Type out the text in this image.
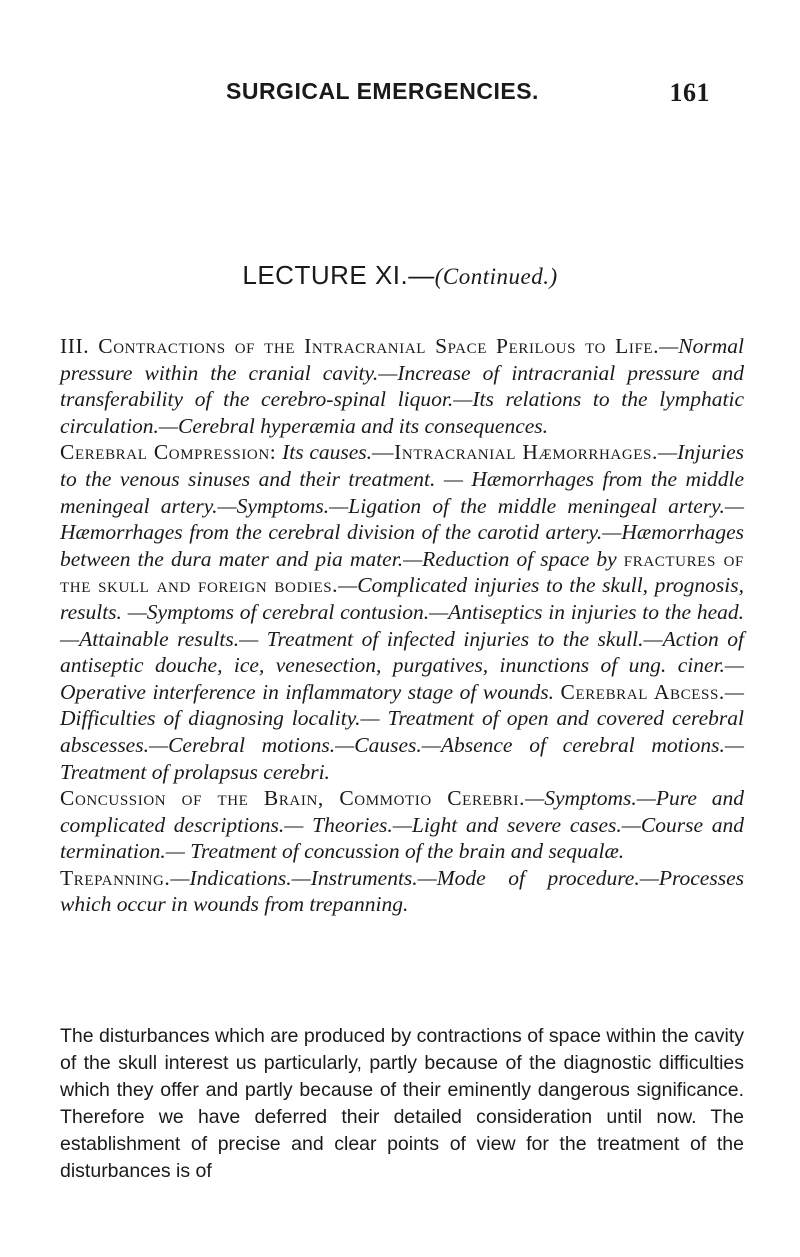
SURGICAL EMERGENCIES.	161
LECTURE XI.—(Continued.)

III. Contractions of the Intracranial Space Perilous to Life.—Normal pressure within the cranial cavity.—Increase of intracranial pressure and transferability of the cerebro-spinal liquor.—Its relations to the lymphatic circulation.—Cerebral hyperæmia and its consequences.

Cerebral Compression: Its causes.—Intracranial Hæmorrhages.—Injuries to the venous sinuses and their treatment. — Hæmorrhages from the middle meningeal artery.—Symptoms.—Ligation of the middle meningeal artery.—Hæmorrhages from the cerebral division of the carotid artery.—Hæmorrhages between the dura mater and pia mater.—Reduction of space by fractures of the skull and foreign bodies.—Complicated injuries to the skull, prognosis, results. —Symptoms of cerebral contusion.—Antiseptics in injuries to the head.—Attainable results.— Treatment of infected injuries to the skull.—Action of antiseptic douche, ice, venesection, purgatives, inunctions of ung. ciner.—Operative interference in inflammatory stage of wounds. Cerebral Abcess.—Difficulties of diagnosing locality.— Treatment of open and covered cerebral abscesses.—Cerebral motions.—Causes.—Absence of cerebral motions.— Treatment of prolapsus cerebri.

Concussion of the Brain, Commotio Cerebri.—Symptoms.—Pure and complicated descriptions.— Theories.—Light and severe cases.—Course and termination.— Treatment of concussion of the brain and sequalæ.

Trepanning.—Indications.—Instruments.—Mode of procedure.—Processes which occur in wounds from trepanning.

The disturbances which are produced by contractions of space within the cavity of the skull interest us particularly, partly because of the diagnostic difficulties which they offer and partly because of their eminently dangerous significance. Therefore we have deferred their detailed consideration until now. The establishment of precise and clear points of view for the treatment of the disturbances is of
